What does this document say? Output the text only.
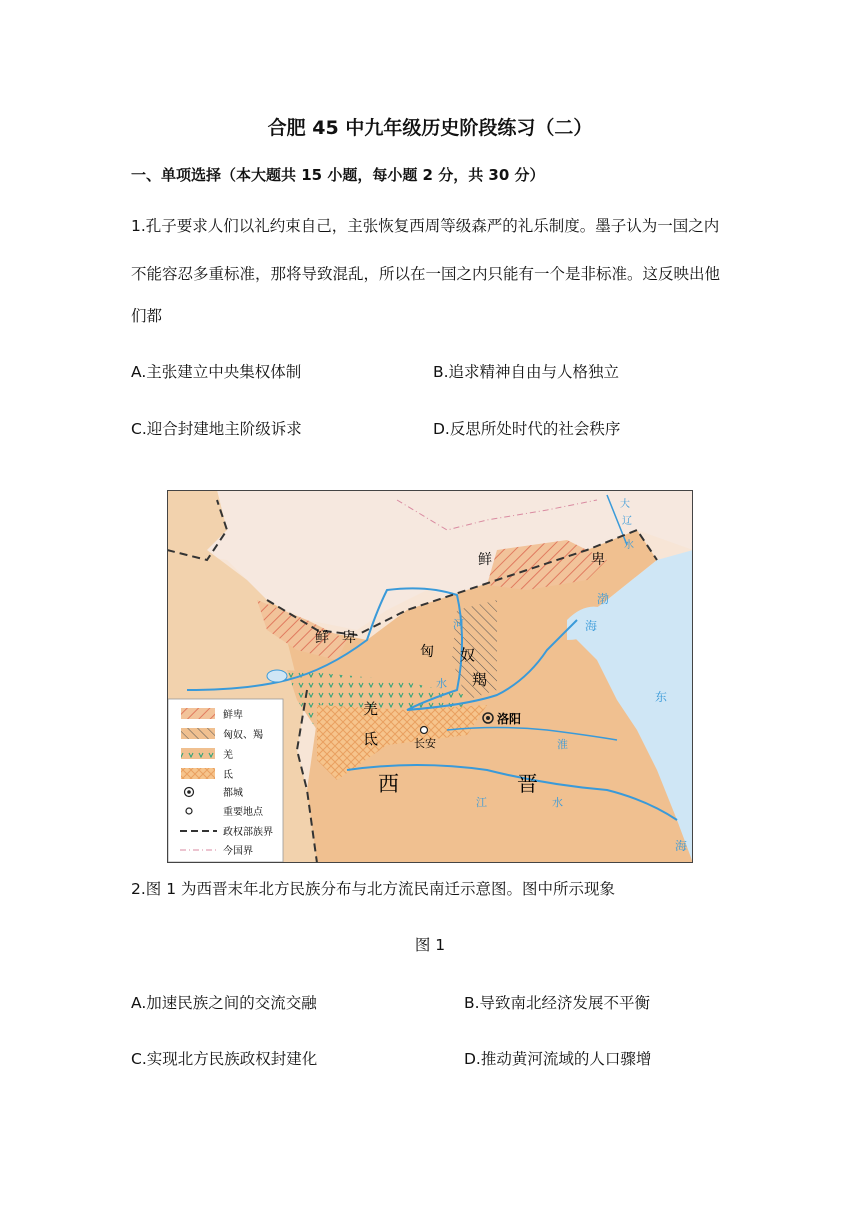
合肥 45 中九年级历史阶段练习（二）
一、单项选择（本大题共 15 小题，每小题 2 分，共 30 分）
1.孔子要求人们以礼约束自己，主张恢复西周等级森严的礼乐制度。墨子认为一国之内
不能容忍多重标准，那将导致混乱，所以在一国之内只能有一个是非标准。这反映出他
们都
A.主张建立中央集权体制	B.追求精神自由与人格独立
C.迎合封建地主阶级诉求	D.反思所处时代的社会秩序
鲜	卑
鲜 卑
匈 奴
羯
羌
氐
洛阳
长安
西	晋
河
水
江	水
淮
渤
海
东
海
大
辽
水
鲜卑
匈奴、羯
羌
氐
都城
重要地点
政权部族界
今国界
2.图 1 为西晋末年北方民族分布与北方流民南迁示意图。图中所示现象
图 1
A.加速民族之间的交流交融	B.导致南北经济发展不平衡
C.实现北方民族政权封建化	D.推动黄河流域的人口骤增
